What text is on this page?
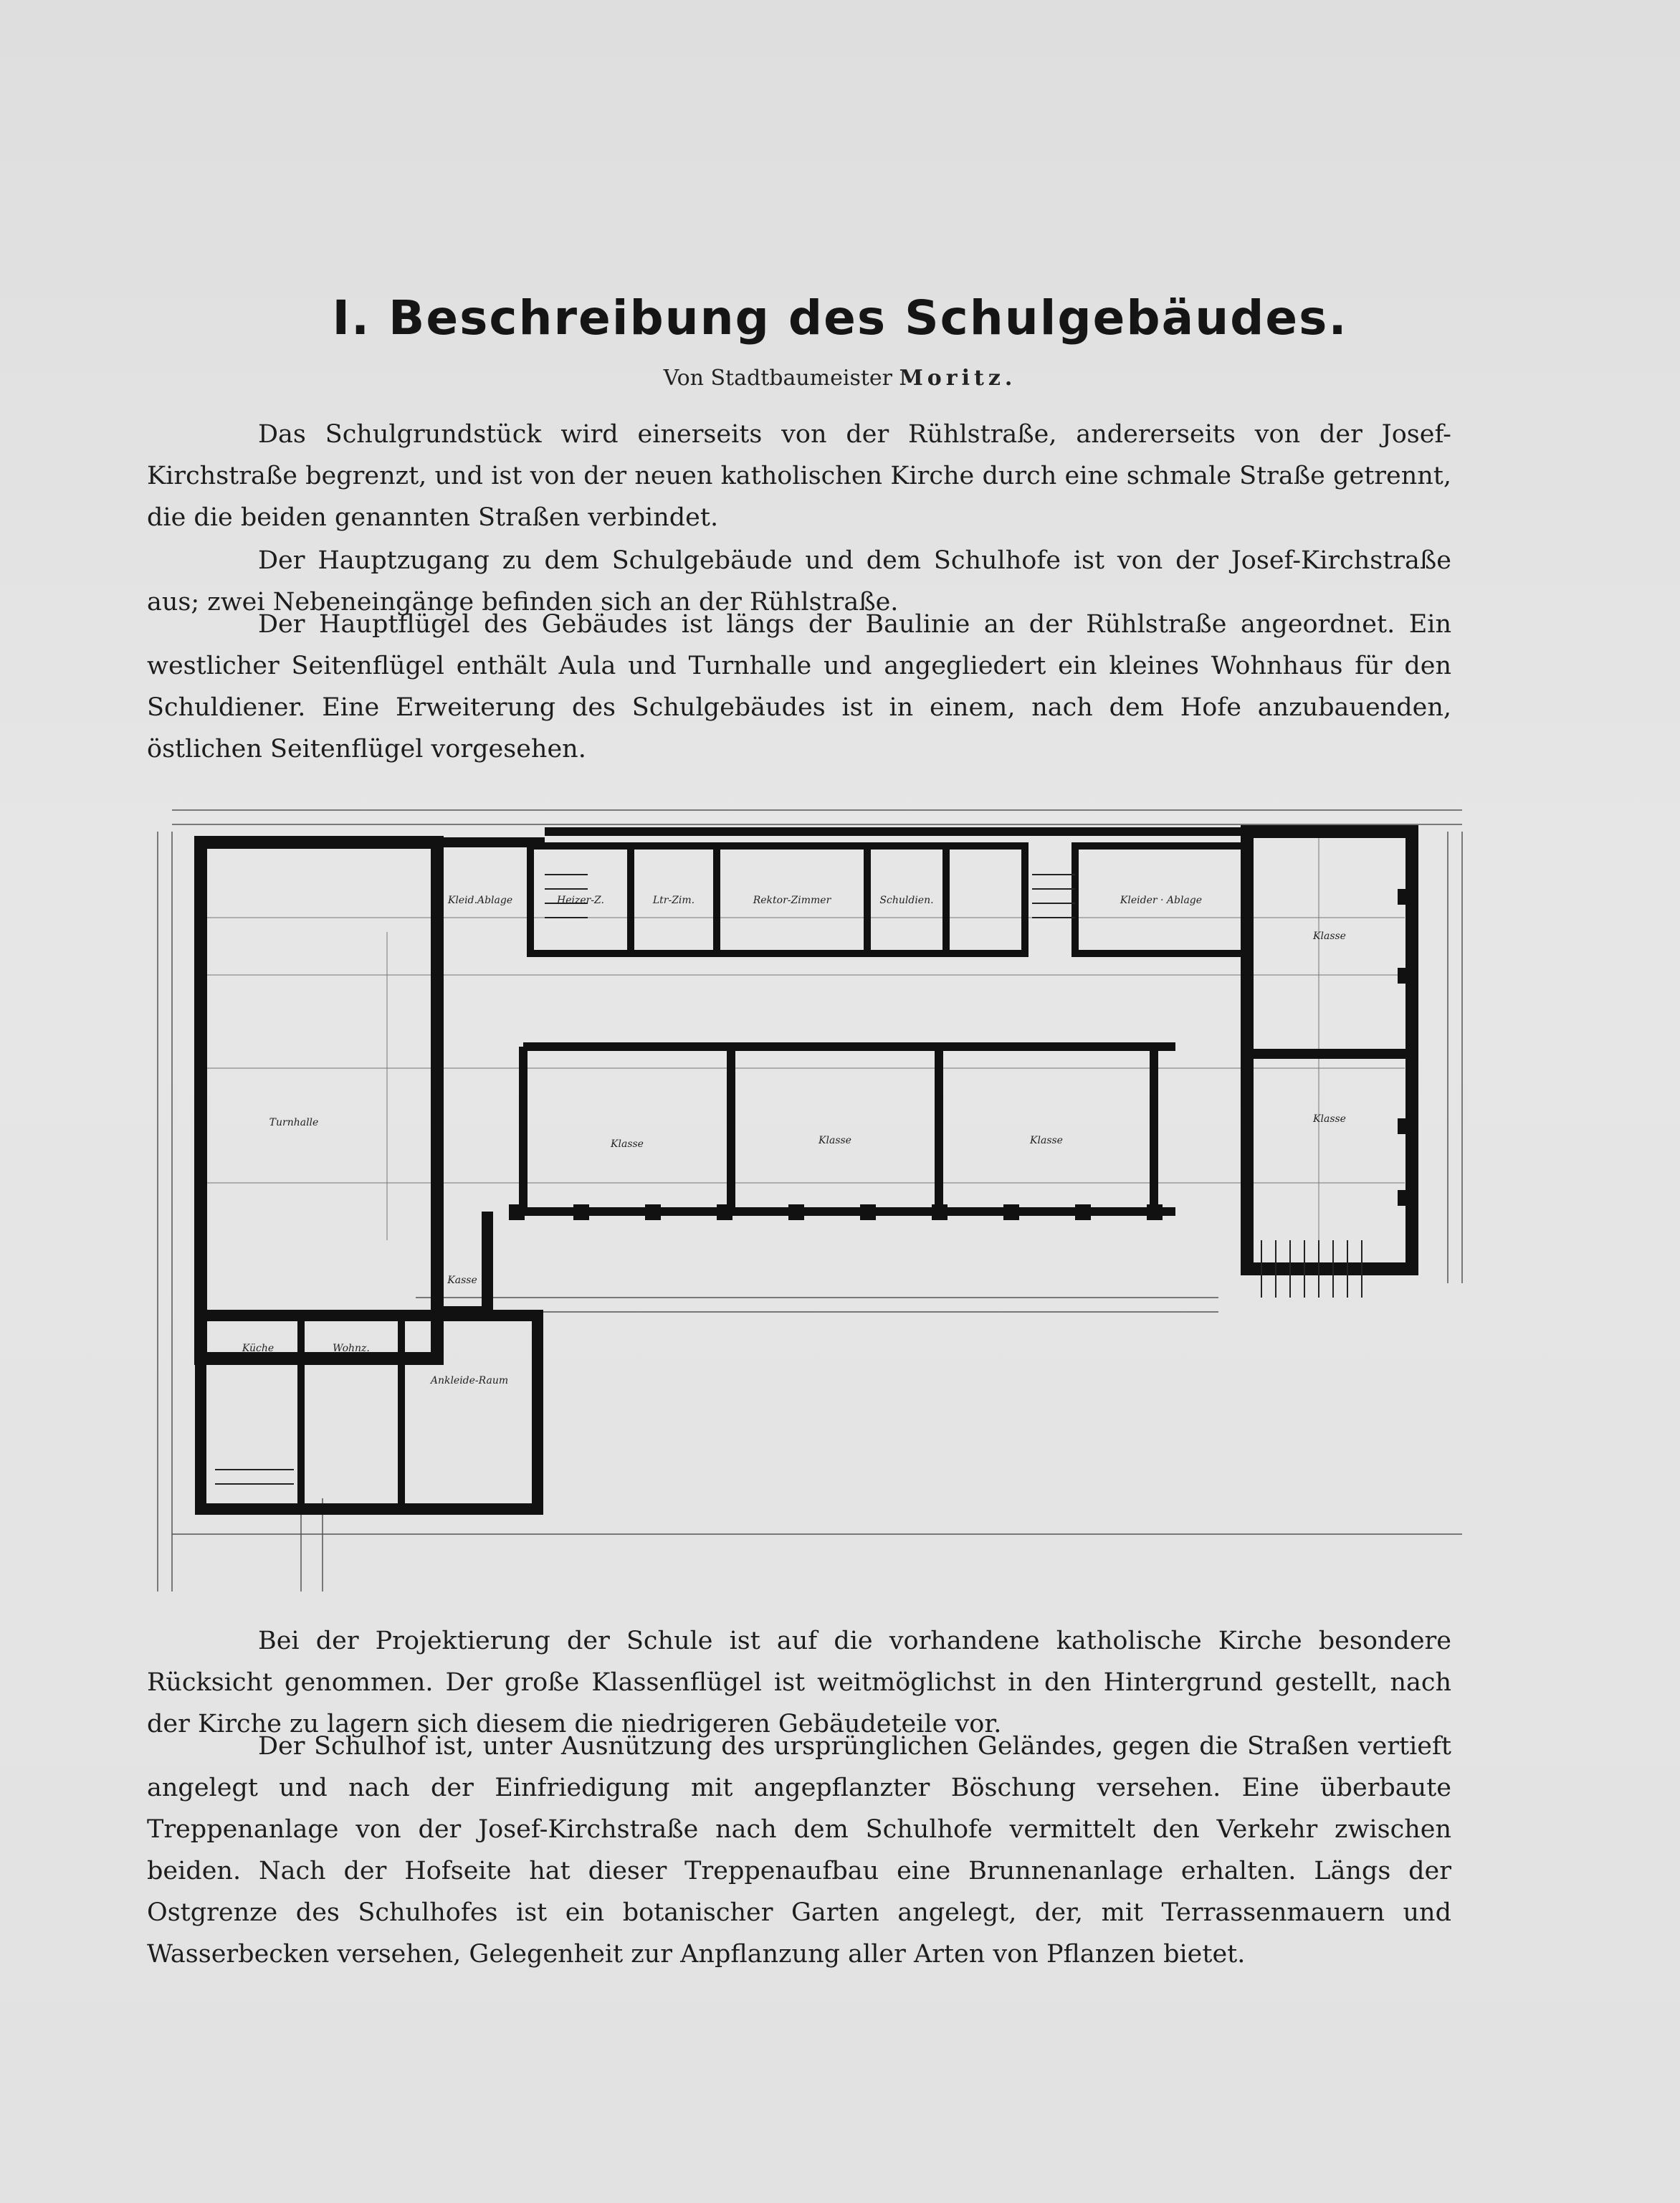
I. Beschreibung des Schulgebäudes.
Von Stadtbaumeister Moritz.

Das Schulgrundstück wird einerseits von der Rühlstraße, andererseits von der Josef-Kirchstraße begrenzt, und ist von der neuen katholischen Kirche durch eine schmale Straße getrennt, die die beiden genannten Straßen verbindet.

Der Hauptzugang zu dem Schulgebäude und dem Schulhofe ist von der Josef-Kirchstraße aus; zwei Nebeneingänge befinden sich an der Rühlstraße.

Der Hauptflügel des Gebäudes ist längs der Baulinie an der Rühlstraße angeordnet. Ein westlicher Seitenflügel enthält Aula und Turnhalle und angegliedert ein kleines Wohnhaus für den Schuldiener. Eine Erweiterung des Schulgebäudes ist in einem, nach dem Hofe anzubauenden, östlichen Seitenflügel vorgesehen.

Kleid.Ablage	Heizer-Z.	Ltr-Zim.	Rektor-Zimmer	Schuldien.	Kleider · Ablage
Klasse
Turnhalle
Klasse	Klasse	Klasse
Klasse
Kasse
Küche	Wohnz.
Ankleide-Raum

Bei der Projektierung der Schule ist auf die vorhandene katholische Kirche besondere Rücksicht genommen. Der große Klassenflügel ist weitmöglichst in den Hintergrund gestellt, nach der Kirche zu lagern sich diesem die niedrigeren Gebäudeteile vor.

Der Schulhof ist, unter Ausnützung des ursprünglichen Geländes, gegen die Straßen vertieft angelegt und nach der Einfriedigung mit angepflanzter Böschung versehen. Eine überbaute Treppenanlage von der Josef-Kirchstraße nach dem Schulhofe vermittelt den Verkehr zwischen beiden. Nach der Hofseite hat dieser Treppenaufbau eine Brunnenanlage erhalten. Längs der Ostgrenze des Schulhofes ist ein botanischer Garten angelegt, der, mit Terrassenmauern und Wasserbecken versehen, Gelegenheit zur Anpflanzung aller Arten von Pflanzen bietet.
